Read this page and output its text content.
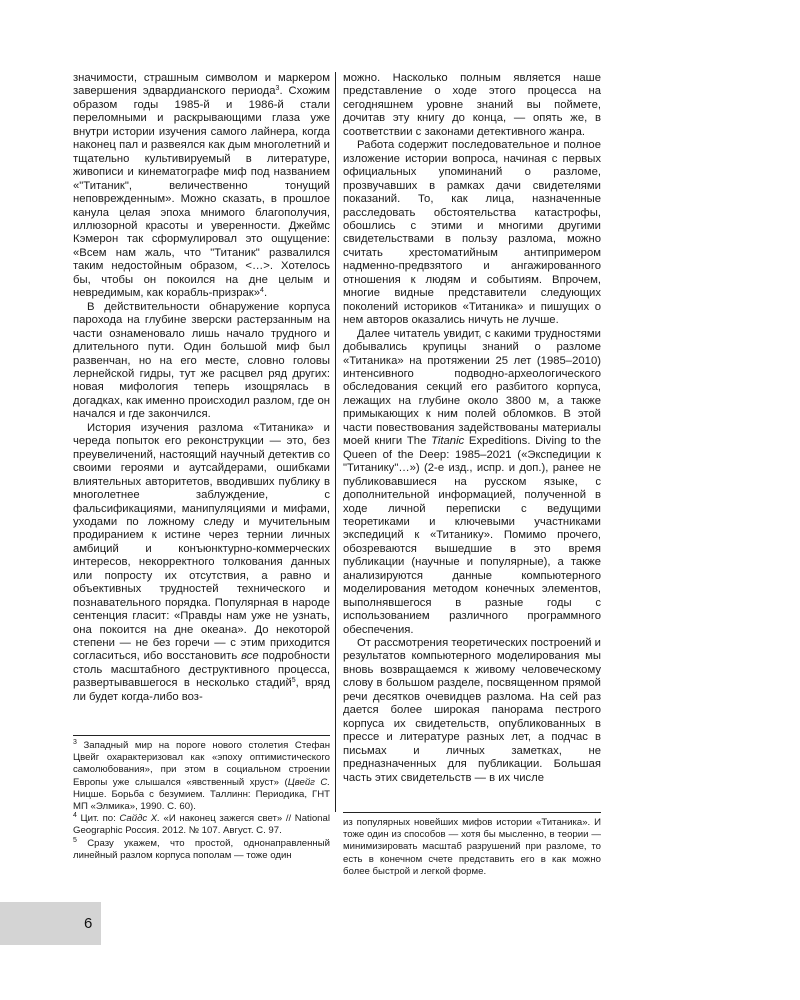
значимости, страшным символом и маркером завершения эдвардианского периода$^3$. Схожим образом годы 1985-й и 1986-й стали переломными и раскрывающими глаза уже внутри истории изучения самого лайнера, когда наконец пал и развеялся как дым многолетний и тщательно культивируемый в литературе, живописи и кинематографе миф под названием «"Титаник", величественно тонущий неповрежденным». Можно сказать, в прошлое канула целая эпоха мнимого благополучия, иллюзорной красоты и уверенности. Джеймс Кэмерон так сформулировал это ощущение: «Всем нам жаль, что "Титаник" развалился таким недостойным образом, <…>. Хотелось бы, чтобы он покоился на дне целым и невредимым, как корабль-призрак»$^4$.

В действительности обнаружение корпуса парохода на глубине зверски растерзанным на части ознаменовало лишь начало трудного и длительного пути. Один большой миф был развенчан, но на его месте, словно головы лернейской гидры, тут же расцвел ряд других: новая мифология теперь изощрялась в догадках, как именно происходил разлом, где он начался и где закончился.

История изучения разлома «Титаника» и череда попыток его реконструкции — это, без преувеличений, настоящий научный детектив со своими героями и аутсайдерами, ошибками влиятельных авторитетов, вводивших публику в многолетнее заблуждение, с фальсификациями, манипуляциями и мифами, уходами по ложному следу и мучительным продиранием к истине через тернии личных амбиций и конъюнктурно-коммерческих интересов, некорректного толкования данных или попросту их отсутствия, а равно и объективных трудностей технического и познавательного порядка. Популярная в народе сентенция гласит: «Правды нам уже не узнать, она покоится на дне океана». До некоторой степени — не без горечи — с этим приходится согласиться, ибо восстановить все подробности столь масштабного деструктивного процесса, развертывавшегося в несколько стадий$^5$, вряд ли будет когда-либо воз-

можно. Насколько полным является наше представление о ходе этого процесса на сегодняшнем уровне знаний вы поймете, дочитав эту книгу до конца, — опять же, в соответствии с законами детективного жанра.

Работа содержит последовательное и полное изложение истории вопроса, начиная с первых официальных упоминаний о разломе, прозвучавших в рамках дачи свидетелями показаний. То, как лица, назначенные расследовать обстоятельства катастрофы, обошлись с этими и многими другими свидетельствами в пользу разлома, можно считать хрестоматийным антипримером надменно-предвзятого и ангажированного отношения к людям и событиям. Впрочем, многие видные представители следующих поколений историков «Титаника» и пишущих о нем авторов оказались ничуть не лучше.

Далее читатель увидит, с какими трудностями добывались крупицы знаний о разломе «Титаника» на протяжении 25 лет (1985–2010) интенсивного подводно-археологического обследования секций его разбитого корпуса, лежащих на глубине около 3800 м, а также примыкающих к ним полей обломков. В этой части повествования задействованы материалы моей книги The Titanic Expeditions. Diving to the Queen of the Deep: 1985–2021 («Экспедиции к "Титанику"…») (2-е изд., испр. и доп.), ранее не публиковавшиеся на русском языке, с дополнительной информацией, полученной в ходе личной переписки с ведущими теоретиками и ключевыми участниками экспедиций к «Титанику». Помимо прочего, обозреваются вышедшие в это время публикации (научные и популярные), а также анализируются данные компьютерного моделирования методом конечных элементов, выполнявшегося в разные годы с использованием различного программного обеспечения.

От рассмотрения теоретических построений и результатов компьютерного моделирования мы вновь возвращаемся к живому человеческому слову в большом разделе, посвященном прямой речи десятков очевидцев разлома. На сей раз дается более широкая панорама пестрого корпуса их свидетельств, опубликованных в прессе и литературе разных лет, а подчас в письмах и личных заметках, не предназначенных для публикации. Большая часть этих свидетельств — в их числе

$^3$ Западный мир на пороге нового столетия Стефан Цвейг охарактеризовал как «эпоху оптимистического самолюбования», при этом в социальном строении Европы уже слышался «явственный хруст» (Цвейг С. Ницше. Борьба с безумием. Таллинн: Периодика, ГНТ МП «Элмика», 1990. С. 60).

$^4$ Цит. по: Сайдс Х. «И наконец зажегся свет» // National Geographic Россия. 2012. № 107. Август. С. 97.

$^5$ Сразу укажем, что простой, однонаправленный линейный разлом корпуса пополам — тоже один

из популярных новейших мифов истории «Титаника». И тоже один из способов — хотя бы мысленно, в теории — минимизировать масштаб разрушений при разломе, то есть в конечном счете представить его в как можно более быстрой и легкой форме.

6
